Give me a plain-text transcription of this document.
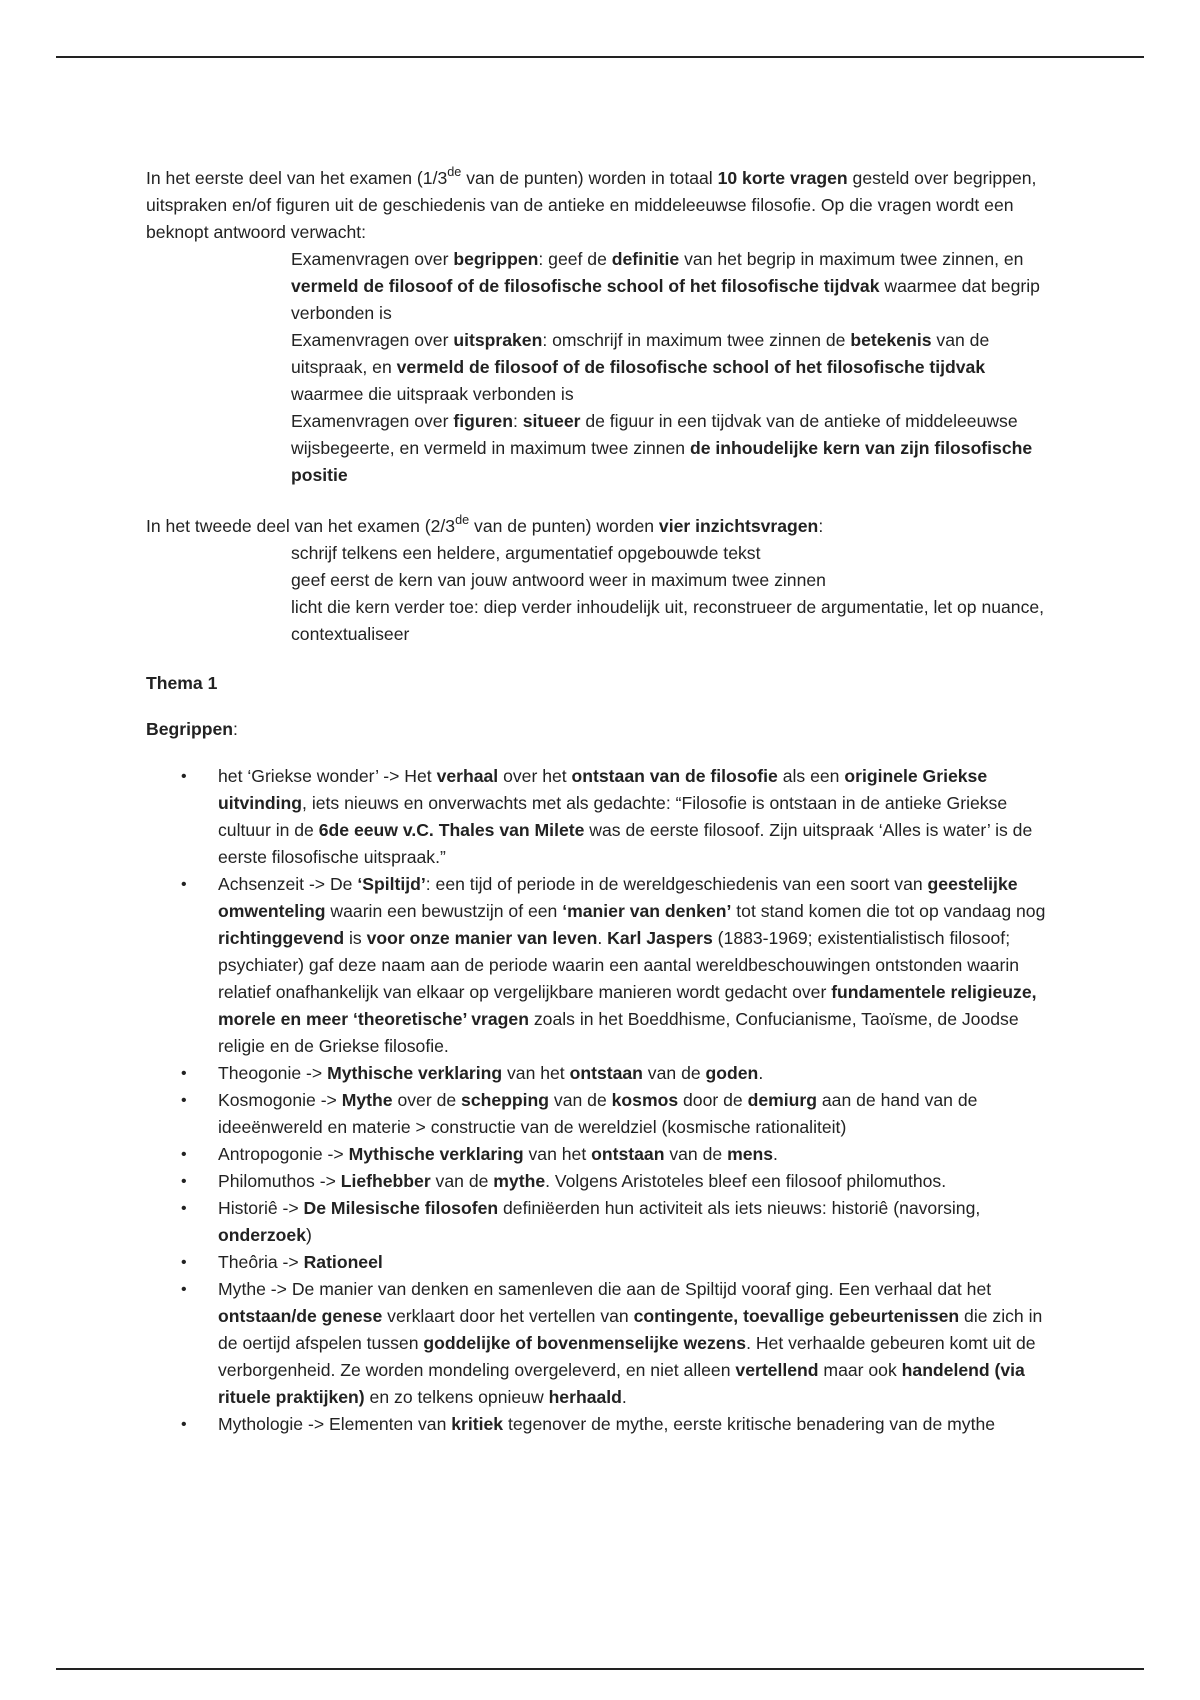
In het eerste deel van het examen (1/3de van de punten) worden in totaal 10 korte vragen gesteld over begrippen, uitspraken en/of figuren uit de geschiedenis van de antieke en middeleeuwse filosofie. Op die vragen wordt een beknopt antwoord verwacht:

Examenvragen over begrippen: geef de definitie van het begrip in maximum twee zinnen, en vermeld de filosoof of de filosofische school of het filosofische tijdvak waarmee dat begrip verbonden is
Examenvragen over uitspraken: omschrijf in maximum twee zinnen de betekenis van de uitspraak, en vermeld de filosoof of de filosofische school of het filosofische tijdvak waarmee die uitspraak verbonden is
Examenvragen over figuren: situeer de figuur in een tijdvak van de antieke of middeleeuwse wijsbegeerte, en vermeld in maximum twee zinnen de inhoudelijke kern van zijn filosofische positie

In het tweede deel van het examen (2/3de van de punten) worden vier inzichtsvragen:

schrijf telkens een heldere, argumentatief opgebouwde tekst
geef eerst de kern van jouw antwoord weer in maximum twee zinnen
licht die kern verder toe: diep verder inhoudelijk uit, reconstrueer de argumentatie, let op nuance, contextualiseer

Thema 1

Begrippen:

• het ‘Griekse wonder’ -> Het verhaal over het ontstaan van de filosofie als een originele Griekse uitvinding, iets nieuws en onverwachts met als gedachte: “Filosofie is ontstaan in de antieke Griekse cultuur in de 6de eeuw v.C. Thales van Milete was de eerste filosoof. Zijn uitspraak ‘Alles is water’ is de eerste filosofische uitspraak.”
• Achsenzeit -> De ‘Spiltijd’: een tijd of periode in de wereldgeschiedenis van een soort van geestelijke omwenteling waarin een bewustzijn of een ‘manier van denken’ tot stand komen die tot op vandaag nog richtinggevend is voor onze manier van leven. Karl Jaspers (1883-1969; existentialistisch filosoof; psychiater) gaf deze naam aan de periode waarin een aantal wereldbeschouwingen ontstonden waarin relatief onafhankelijk van elkaar op vergelijkbare manieren wordt gedacht over fundamentele religieuze, morele en meer ‘theoretische’ vragen zoals in het Boeddhisme, Confucianisme, Taoïsme, de Joodse religie en de Griekse filosofie.
• Theogonie -> Mythische verklaring van het ontstaan van de goden.
• Kosmogonie -> Mythe over de schepping van de kosmos door de demiurg aan de hand van de ideeënwereld en materie > constructie van de wereldziel (kosmische rationaliteit)
• Antropogonie -> Mythische verklaring van het ontstaan van de mens.
• Philomuthos -> Liefhebber van de mythe. Volgens Aristoteles bleef een filosoof philomuthos.
• Historiê -> De Milesische filosofen definiëerden hun activiteit als iets nieuws: historiê (navorsing, onderzoek)
• Theôria -> Rationeel
• Mythe -> De manier van denken en samenleven die aan de Spiltijd vooraf ging. Een verhaal dat het ontstaan/de genese verklaart door het vertellen van contingente, toevallige gebeurtenissen die zich in de oertijd afspelen tussen goddelijke of bovenmenselijke wezens. Het verhaalde gebeuren komt uit de verborgenheid. Ze worden mondeling overgeleverd, en niet alleen vertellend maar ook handelend (via rituele praktijken) en zo telkens opnieuw herhaald.
• Mythologie -> Elementen van kritiek tegenover de mythe, eerste kritische benadering van de mythe
